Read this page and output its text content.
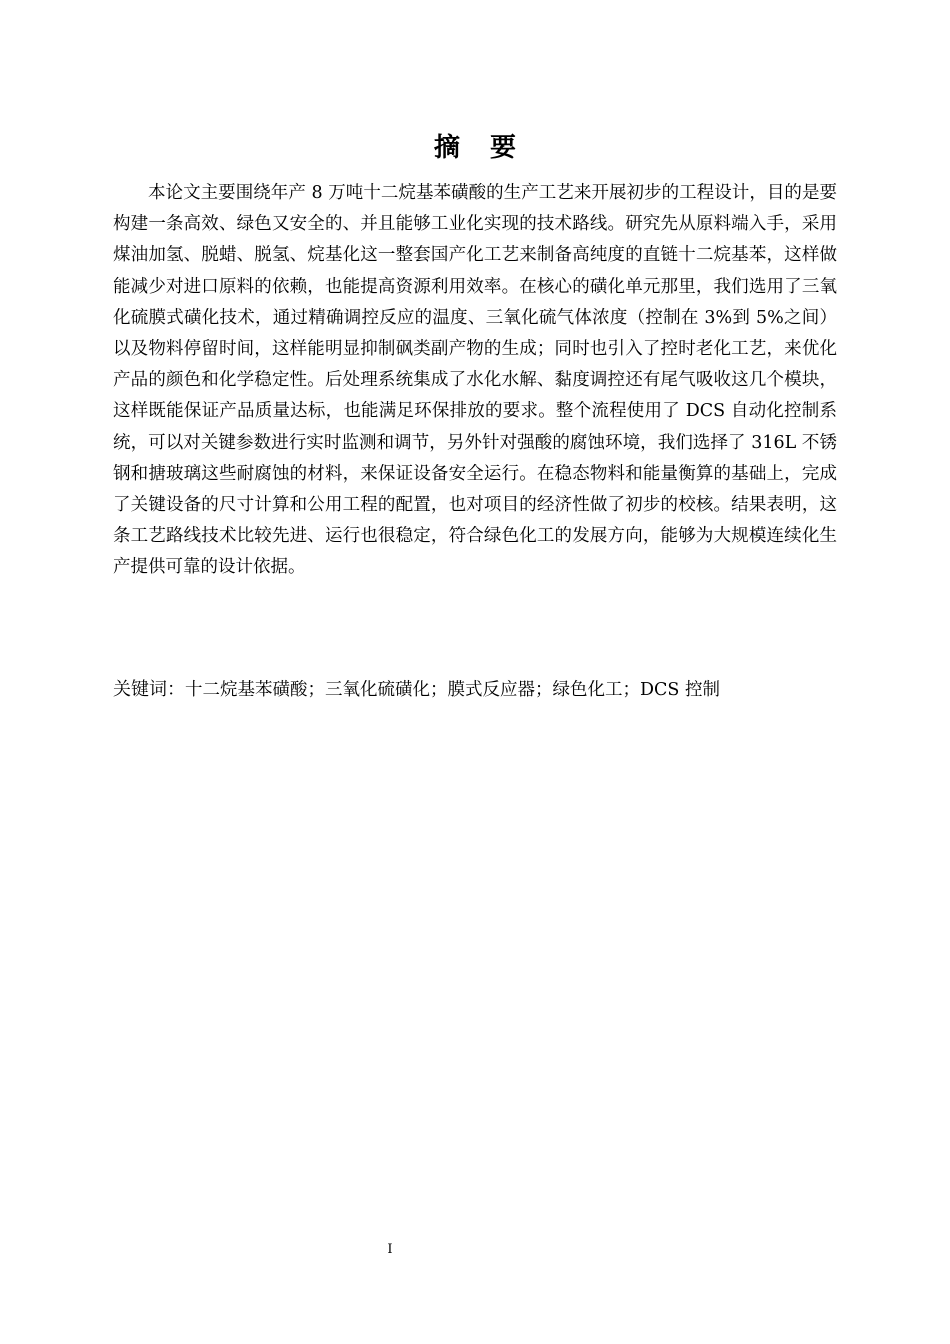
摘要

本论文主要围绕年产 8 万吨十二烷基苯磺酸的生产工艺来开展初步的工程设计，目的是要构建一条高效、绿色又安全的、并且能够工业化实现的技术路线。研究先从原料端入手，采用煤油加氢、脱蜡、脱氢、烷基化这一整套国产化工艺来制备高纯度的直链十二烷基苯，这样做能减少对进口原料的依赖，也能提高资源利用效率。在核心的磺化单元那里，我们选用了三氧化硫膜式磺化技术，通过精确调控反应的温度、三氧化硫气体浓度（控制在 3%到 5%之间）以及物料停留时间，这样能明显抑制砜类副产物的生成；同时也引入了控时老化工艺，来优化产品的颜色和化学稳定性。后处理系统集成了水化水解、黏度调控还有尾气吸收这几个模块，这样既能保证产品质量达标，也能满足环保排放的要求。整个流程使用了 DCS 自动化控制系统，可以对关键参数进行实时监测和调节，另外针对强酸的腐蚀环境，我们选择了 316L 不锈钢和搪玻璃这些耐腐蚀的材料，来保证设备安全运行。在稳态物料和能量衡算的基础上，完成了关键设备的尺寸计算和公用工程的配置，也对项目的经济性做了初步的校核。结果表明，这条工艺路线技术比较先进、运行也很稳定，符合绿色化工的发展方向，能够为大规模连续化生产提供可靠的设计依据。

关键词：十二烷基苯磺酸；三氧化硫磺化；膜式反应器；绿色化工；DCS 控制

I
